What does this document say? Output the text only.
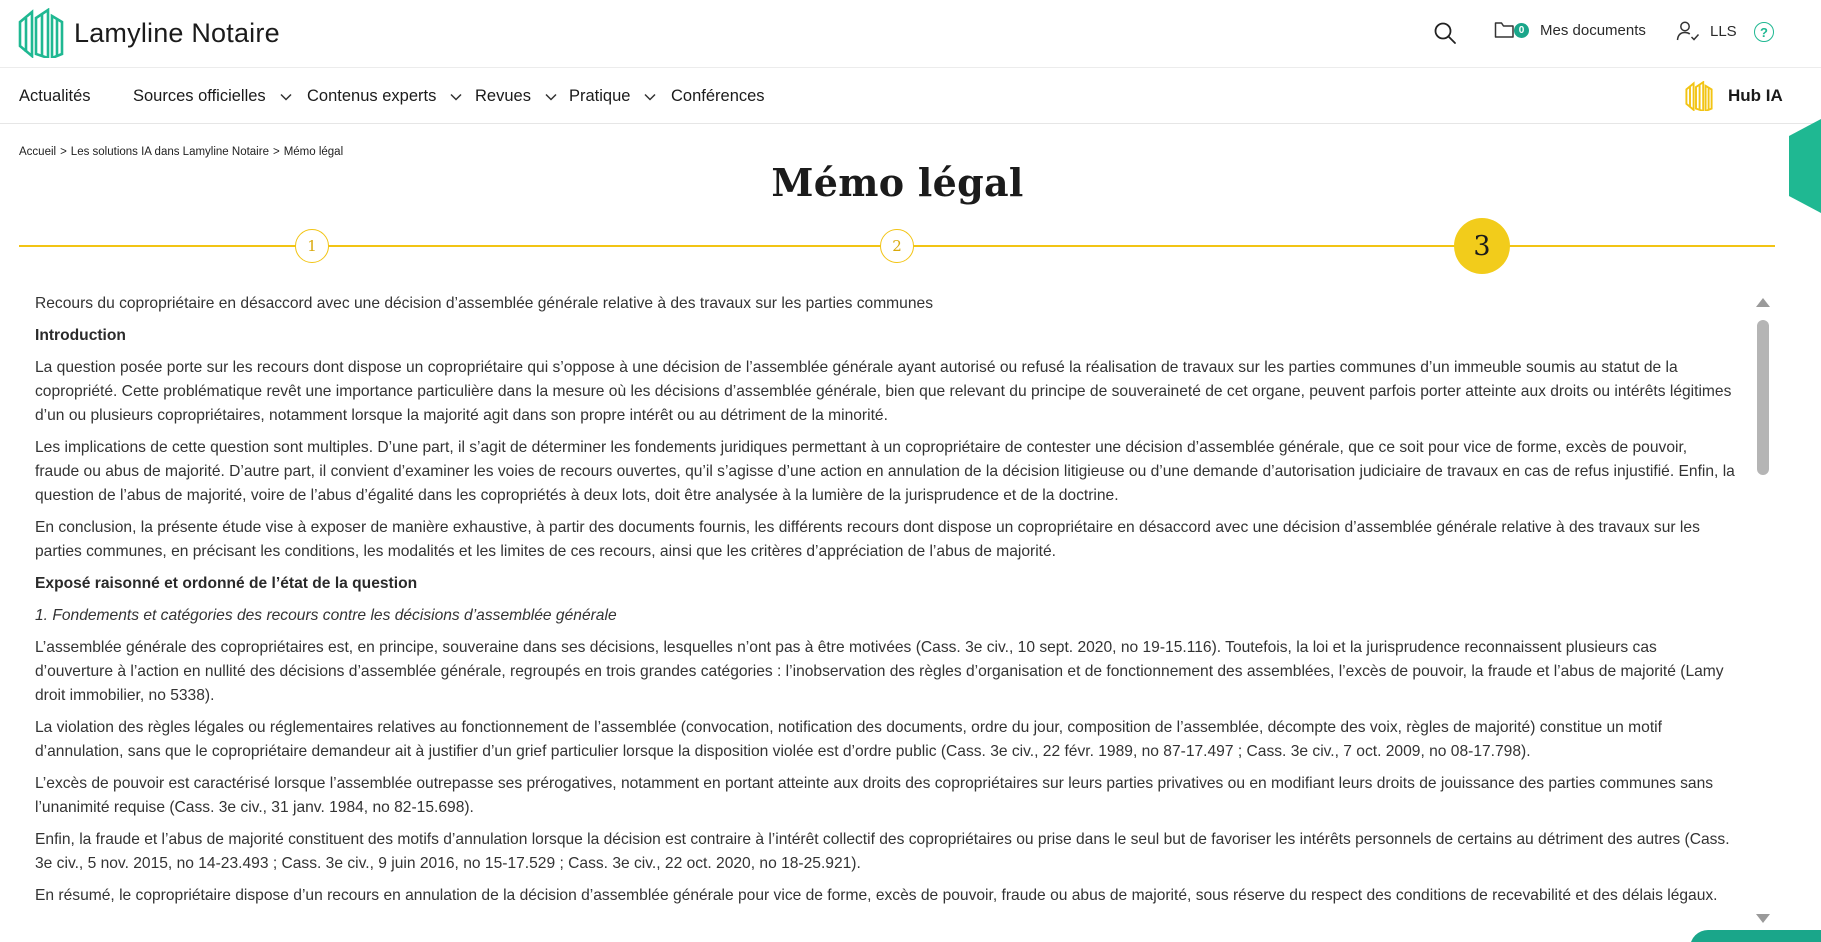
Lamyline Notaire	0	Mes documents	LLS	?
Actualités	Sources officielles	Contenus experts Revues Pratique Conférences	Hub IA
Accueil > Les solutions IA dans Lamyline Notaire > Mémo légal
Mémo légal
1	2	3

Recours du copropriétaire en désaccord avec une décision d’assemblée générale relative à des travaux sur les parties communes

Introduction

La question posée porte sur les recours dont dispose un copropriétaire qui s’oppose à une décision de l’assemblée générale ayant autorisé ou refusé la réalisation de travaux sur les parties communes d’un immeuble soumis au statut de la copropriété. Cette problématique revêt une importance particulière dans la mesure où les décisions d’assemblée générale, bien que relevant du principe de souveraineté de cet organe, peuvent parfois porter atteinte aux droits ou intérêts légitimes d’un ou plusieurs copropriétaires, notamment lorsque la majorité agit dans son propre intérêt ou au détriment de la minorité.

Les implications de cette question sont multiples. D’une part, il s’agit de déterminer les fondements juridiques permettant à un copropriétaire de contester une décision d’assemblée générale, que ce soit pour vice de forme, excès de pouvoir, fraude ou abus de majorité. D’autre part, il convient d’examiner les voies de recours ouvertes, qu’il s’agisse d’une action en annulation de la décision litigieuse ou d’une demande d’autorisation judiciaire de travaux en cas de refus injustifié. Enfin, la question de l’abus de majorité, voire de l’abus d’égalité dans les copropriétés à deux lots, doit être analysée à la lumière de la jurisprudence et de la doctrine.

En conclusion, la présente étude vise à exposer de manière exhaustive, à partir des documents fournis, les différents recours dont dispose un copropriétaire en désaccord avec une décision d’assemblée générale relative à des travaux sur les parties communes, en précisant les conditions, les modalités et les limites de ces recours, ainsi que les critères d’appréciation de l’abus de majorité.

Exposé raisonné et ordonné de l’état de la question

1. Fondements et catégories des recours contre les décisions d’assemblée générale

L’assemblée générale des copropriétaires est, en principe, souveraine dans ses décisions, lesquelles n’ont pas à être motivées (Cass. 3e civ., 10 sept. 2020, no 19-15.116). Toutefois, la loi et la jurisprudence reconnaissent plusieurs cas d’ouverture à l’action en nullité des décisions d’assemblée générale, regroupés en trois grandes catégories : l’inobservation des règles d’organisation et de fonctionnement des assemblées, l’excès de pouvoir, la fraude et l’abus de majorité (Lamy droit immobilier, no 5338).

La violation des règles légales ou réglementaires relatives au fonctionnement de l’assemblée (convocation, notification des documents, ordre du jour, composition de l’assemblée, décompte des voix, règles de majorité) constitue un motif d’annulation, sans que le copropriétaire demandeur ait à justifier d’un grief particulier lorsque la disposition violée est d’ordre public (Cass. 3e civ., 22 févr. 1989, no 87-17.497 ; Cass. 3e civ., 7 oct. 2009, no 08-17.798).

L’excès de pouvoir est caractérisé lorsque l’assemblée outrepasse ses prérogatives, notamment en portant atteinte aux droits des copropriétaires sur leurs parties privatives ou en modifiant leurs droits de jouissance des parties communes sans l’unanimité requise (Cass. 3e civ., 31 janv. 1984, no 82-15.698).

Enfin, la fraude et l’abus de majorité constituent des motifs d’annulation lorsque la décision est contraire à l’intérêt collectif des copropriétaires ou prise dans le seul but de favoriser les intérêts personnels de certains au détriment des autres (Cass. 3e civ., 5 nov. 2015, no 14-23.493 ; Cass. 3e civ., 9 juin 2016, no 15-17.529 ; Cass. 3e civ., 22 oct. 2020, no 18-25.921).

En résumé, le copropriétaire dispose d’un recours en annulation de la décision d’assemblée générale pour vice de forme, excès de pouvoir, fraude ou abus de majorité, sous réserve du respect des conditions de recevabilité et des délais légaux.
